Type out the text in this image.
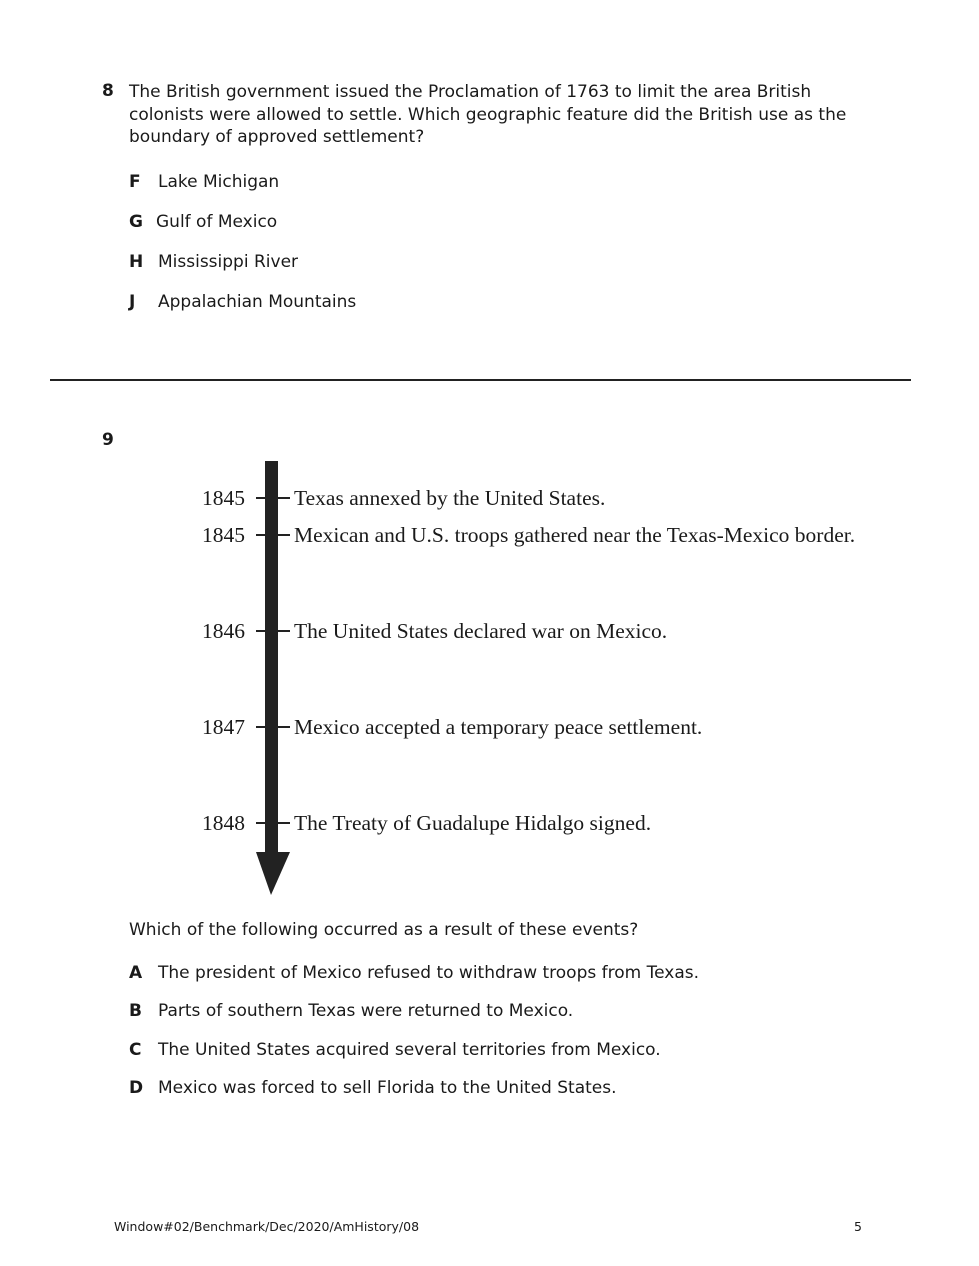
8 The British government issued the Proclamation of 1763 to limit the area British colonists were allowed to settle. Which geographic feature did the British use as the boundary of approved settlement?
F Lake Michigan
G Gulf of Mexico
H Mississippi River
J Appalachian Mountains
9
1845 Texas annexed by the United States.
1845 Mexican and U.S. troops gathered near the Texas-Mexico border.
1846 The United States declared war on Mexico.
1847 Mexico accepted a temporary peace settlement.
1848 The Treaty of Guadalupe Hidalgo signed.
Which of the following occurred as a result of these events?
A The president of Mexico refused to withdraw troops from Texas.
B Parts of southern Texas were returned to Mexico.
C The United States acquired several territories from Mexico.
D Mexico was forced to sell Florida to the United States.
Window#02/Benchmark/Dec/2020/AmHistory/08	5
